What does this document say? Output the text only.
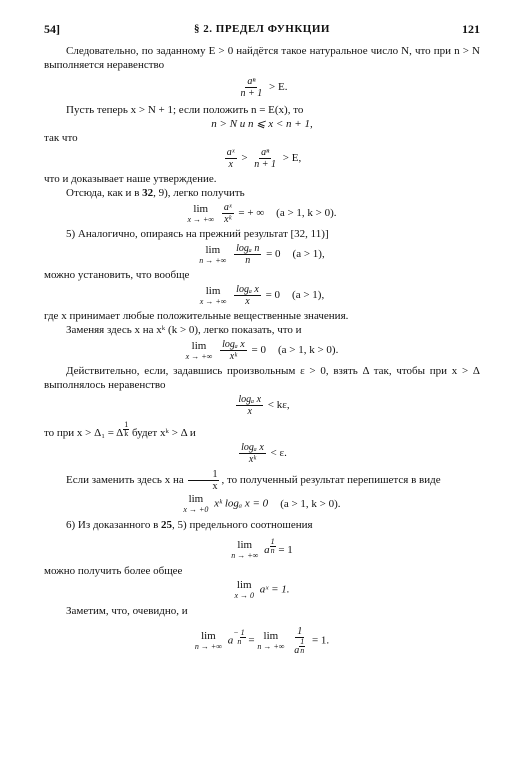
54]	§ 2. ПРЕДЕЛ ФУНКЦИИ	121

Следовательно, по заданному Е > 0 найдётся такое натуральное число N, что при n > N выполняется неравенство

$\frac{\text{aⁿ}}{n + 1} > E$.

Пусть теперь x > N + 1; если положить n = E(x), то

n > N и n ⩽ x < n + 1,

так что

$\frac{\text{aˣ}}{x} > \frac{\text{aⁿ}}{n + 1} > E$,

что и доказывает наше утверждение.

Отсюда, как и в 32, 9), легко получить

lim
x → +∞
$\frac{\text{aˣ}}{\text{xᵏ}}$ = + ∞ (a > 1, k > 0).

5) Аналогично, опираясь на прежний результат [32, 11)]

lim
n → +∞
$\frac{\text{logₐ n}}{n} = 0$ (a > 1),

можно установить, что вообще

lim
x → +∞
$\frac{\text{logₐ x}}{x} = 0$ (a > 1),

где x принимает любые положительные вещественные значения.

Заменяя здесь x на xᵏ (k > 0), легко показать, что и

lim
x → +∞
$\frac{\text{logₐ x}}{\text{xᵏ}} = 0$ (a > 1, k > 0).

Действительно, если, задавшись произвольным ε > 0, взять Δ так, чтобы при x > Δ выполнялось неравенство

$\frac{\text{logₐ x}}{x} < k\varepsilon$,

то при x > Δ₁ = Δ $\frac{1}{k}$ будет xᵏ > Δ и

$\frac{\text{logₐ x}}{\text{xᵏ}} < \varepsilon$.

Если заменить здесь x на $\frac{1}{x}$ , то полученный результат перепишется в виде

lim
x → +0 xᵏ logₐ x = 0 (a > 1, k > 0).

6) Из доказанного в 25, 5) предельного соотношения

lim
n → +∞ a $\frac{1}{n} = 1$

можно получить более общее

lim
x → 0 aˣ = 1.

Заметим, что, очевидно, и

lim
n → +∞ a
− 1
n = lim
n → +∞
$\frac{1}{a \frac{1}{n}} = 1$.
